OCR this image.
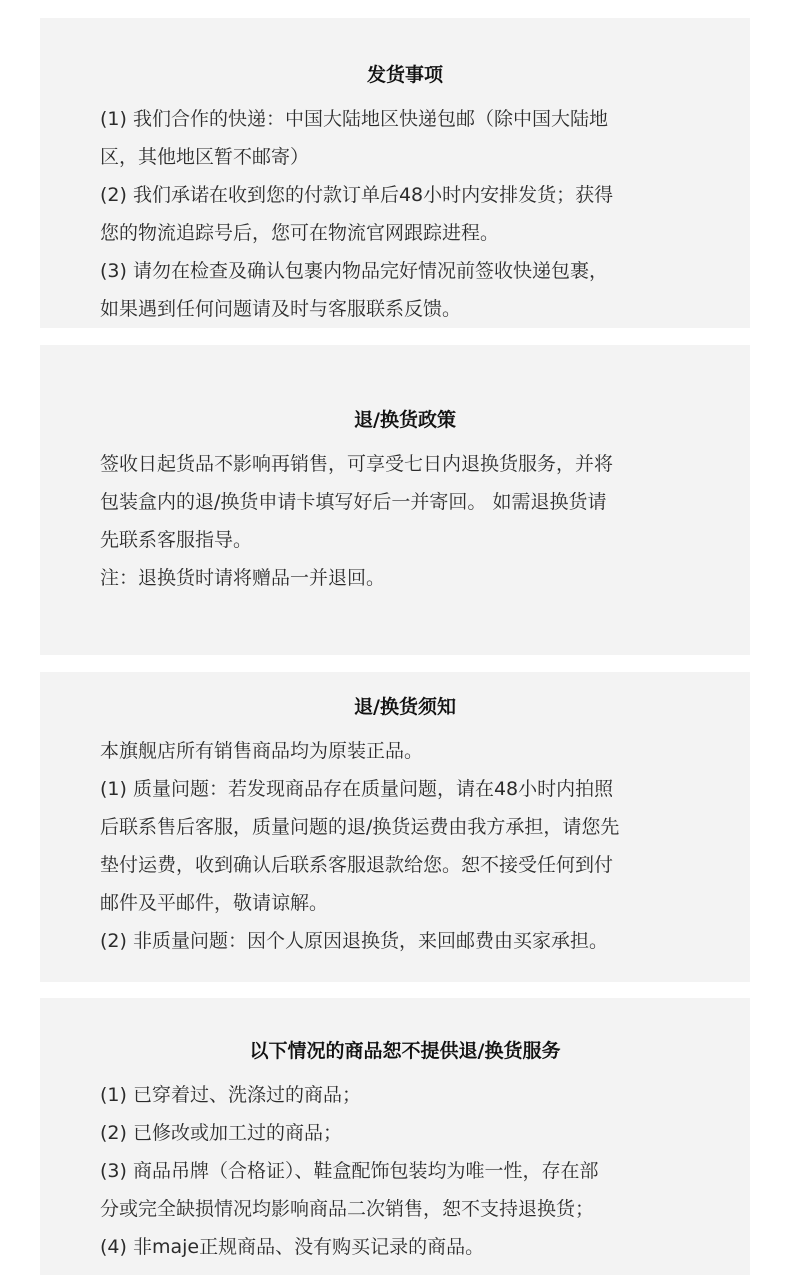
发货事项

(1) 我们合作的快递：中国大陆地区快递包邮（除中国大陆地

区，其他地区暂不邮寄）

(2) 我们承诺在收到您的付款订单后48小时内安排发货；获得

您的物流追踪号后，您可在物流官网跟踪进程。

(3) 请勿在检查及确认包裹内物品完好情况前签收快递包裹，

如果遇到任何问题请及时与客服联系反馈。

退/换货政策

签收日起货品不影响再销售，可享受七日内退换货服务，并将

包装盒内的退/换货申请卡填写好后一并寄回。 如需退换货请

先联系客服指导。

注：退换货时请将赠品一并退回。

退/换货须知

本旗舰店所有销售商品均为原装正品。

(1) 质量问题：若发现商品存在质量问题，请在48小时内拍照

后联系售后客服，质量问题的退/换货运费由我方承担，请您先

垫付运费，收到确认后联系客服退款给您。恕不接受任何到付

邮件及平邮件，敬请谅解。

(2) 非质量问题：因个人原因退换货，来回邮费由买家承担。

以下情况的商品恕不提供退/换货服务

(1) 已穿着过、洗涤过的商品；

(2) 已修改或加工过的商品；

(3) 商品吊牌（合格证）、鞋盒配饰包装均为唯一性，存在部

分或完全缺损情况均影响商品二次销售，恕不支持退换货；

(4) 非maje正规商品、没有购买记录的商品。
